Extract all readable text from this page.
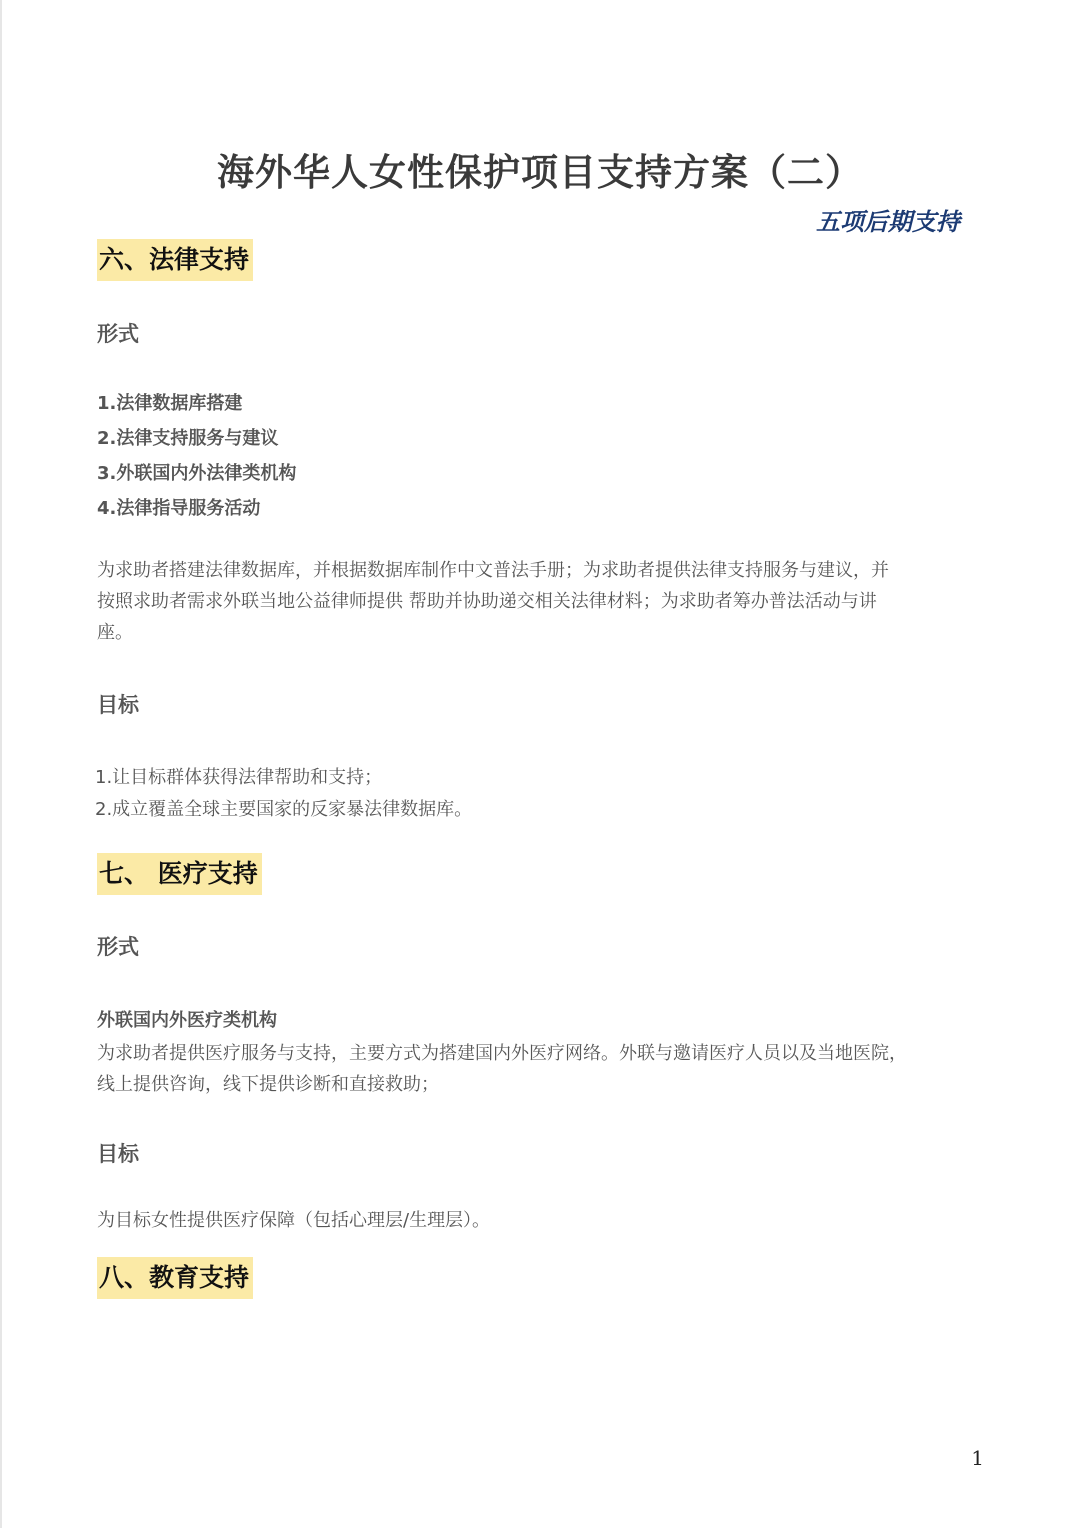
海外华人女性保护项目支持方案（二）
五项后期支持
六、法律支持
形式
1.法律数据库搭建
2.法律支持服务与建议
3.外联国内外法律类机构
4.法律指导服务活动
为求助者搭建法律数据库，并根据数据库制作中文普法手册；为求助者提供法律支持服务与建议，并
按照求助者需求外联当地公益律师提供 帮助并协助递交相关法律材料；为求助者筹办普法活动与讲
座。
目标
1.让目标群体获得法律帮助和支持；
2.成立覆盖全球主要国家的反家暴法律数据库。
七、 医疗支持
形式
外联国内外医疗类机构
为求助者提供医疗服务与支持，主要方式为搭建国内外医疗网络。外联与邀请医疗人员以及当地医院，
线上提供咨询，线下提供诊断和直接救助；
目标
为目标女性提供医疗保障（包括心理层/生理层）。
八、教育支持
1
